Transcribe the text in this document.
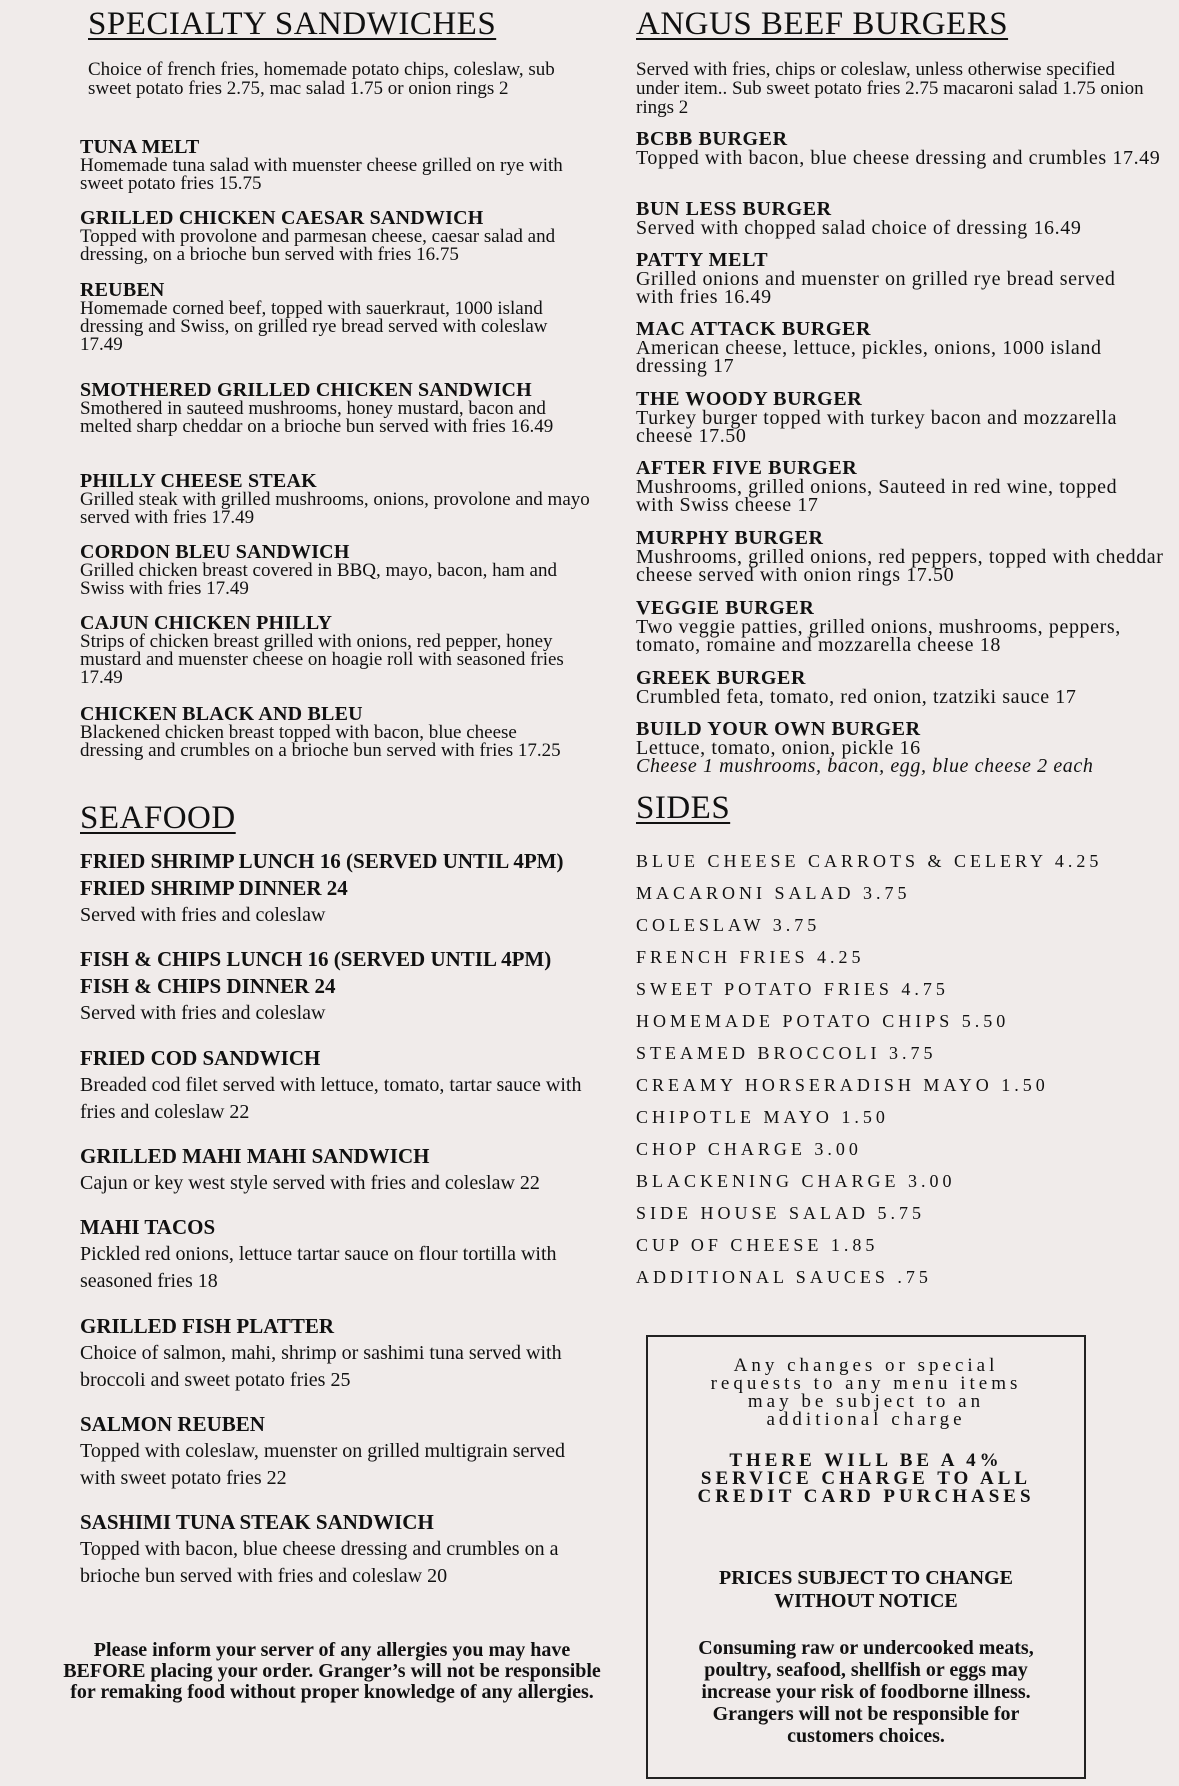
SPECIALTY SANDWICHES
Choice of french fries, homemade potato chips, coleslaw, sub sweet potato fries 2.75, mac salad 1.75 or onion rings 2
TUNA MELT
Homemade tuna salad with muenster cheese grilled on rye with sweet potato fries 15.75
GRILLED CHICKEN CAESAR SANDWICH
Topped with provolone and parmesan cheese, caesar salad and dressing, on a brioche bun served with fries 16.75
REUBEN
Homemade corned beef, topped with sauerkraut, 1000 island dressing and Swiss, on grilled rye bread served with coleslaw 17.49
SMOTHERED GRILLED CHICKEN SANDWICH
Smothered in sauteed mushrooms, honey mustard, bacon and melted sharp cheddar on a brioche bun served with fries 16.49
PHILLY CHEESE STEAK
Grilled steak with grilled mushrooms, onions, provolone and mayo served with fries 17.49
CORDON BLEU SANDWICH
Grilled chicken breast covered in BBQ, mayo, bacon, ham and Swiss with fries 17.49
CAJUN CHICKEN PHILLY
Strips of chicken breast grilled with onions, red pepper, honey mustard and muenster cheese on hoagie roll with seasoned fries 17.49
CHICKEN BLACK AND BLEU
Blackened chicken breast topped with bacon, blue cheese dressing and crumbles on a brioche bun served with fries 17.25
SEAFOOD
FRIED SHRIMP LUNCH 16 (SERVED UNTIL 4PM)
FRIED SHRIMP DINNER 24
Served with fries and coleslaw
FISH & CHIPS LUNCH 16 (SERVED UNTIL 4PM)
FISH & CHIPS DINNER 24
Served with fries and coleslaw
FRIED COD SANDWICH
Breaded cod filet served with lettuce, tomato, tartar sauce with fries and coleslaw 22
GRILLED MAHI MAHI SANDWICH
Cajun or key west style served with fries and coleslaw 22
MAHI TACOS
Pickled red onions, lettuce tartar sauce on flour tortilla with seasoned fries 18
GRILLED FISH PLATTER
Choice of salmon, mahi, shrimp or sashimi tuna served with broccoli and sweet potato fries 25
SALMON REUBEN
Topped with coleslaw, muenster on grilled multigrain served with sweet potato fries 22
SASHIMI TUNA STEAK SANDWICH
Topped with bacon, blue cheese dressing and crumbles on a brioche bun served with fries and coleslaw 20
Please inform your server of any allergies you may have BEFORE placing your order. Granger’s will not be responsible for remaking food without proper knowledge of any allergies.
ANGUS BEEF BURGERS
Served with fries, chips or coleslaw, unless otherwise specified under item.. Sub sweet potato fries 2.75 macaroni salad 1.75 onion rings 2
BCBB BURGER
Topped with bacon, blue cheese dressing and crumbles 17.49
BUN LESS BURGER
Served with chopped salad choice of dressing 16.49
PATTY MELT
Grilled onions and muenster on grilled rye bread served with fries 16.49
MAC ATTACK BURGER
American cheese, lettuce, pickles, onions, 1000 island dressing 17
THE WOODY BURGER
Turkey burger topped with turkey bacon and mozzarella cheese 17.50
AFTER FIVE BURGER
Mushrooms, grilled onions, Sauteed in red wine, topped with Swiss cheese 17
MURPHY BURGER
Mushrooms, grilled onions, red peppers, topped with cheddar cheese served with onion rings 17.50
VEGGIE BURGER
Two veggie patties, grilled onions, mushrooms, peppers, tomato, romaine and mozzarella cheese 18
GREEK BURGER
Crumbled feta, tomato, red onion, tzatziki sauce 17
BUILD YOUR OWN BURGER
Lettuce, tomato, onion, pickle 16
Cheese 1 mushrooms, bacon, egg, blue cheese 2 each
SIDES
BLUE CHEESE CARROTS & CELERY 4.25
MACARONI SALAD 3.75
COLESLAW 3.75
FRENCH FRIES 4.25
SWEET POTATO FRIES 4.75
HOMEMADE POTATO CHIPS 5.50
STEAMED BROCCOLI 3.75
CREAMY HORSERADISH MAYO 1.50
CHIPOTLE MAYO 1.50
CHOP CHARGE 3.00
BLACKENING CHARGE 3.00
SIDE HOUSE SALAD 5.75
CUP OF CHEESE 1.85
ADDITIONAL SAUCES .75
Any changes or special requests to any menu items may be subject to an additional charge
THERE WILL BE A 4% SERVICE CHARGE TO ALL CREDIT CARD PURCHASES
PRICES SUBJECT TO CHANGE WITHOUT NOTICE
Consuming raw or undercooked meats, poultry, seafood, shellfish or eggs may increase your risk of foodborne illness. Grangers will not be responsible for customers choices.
